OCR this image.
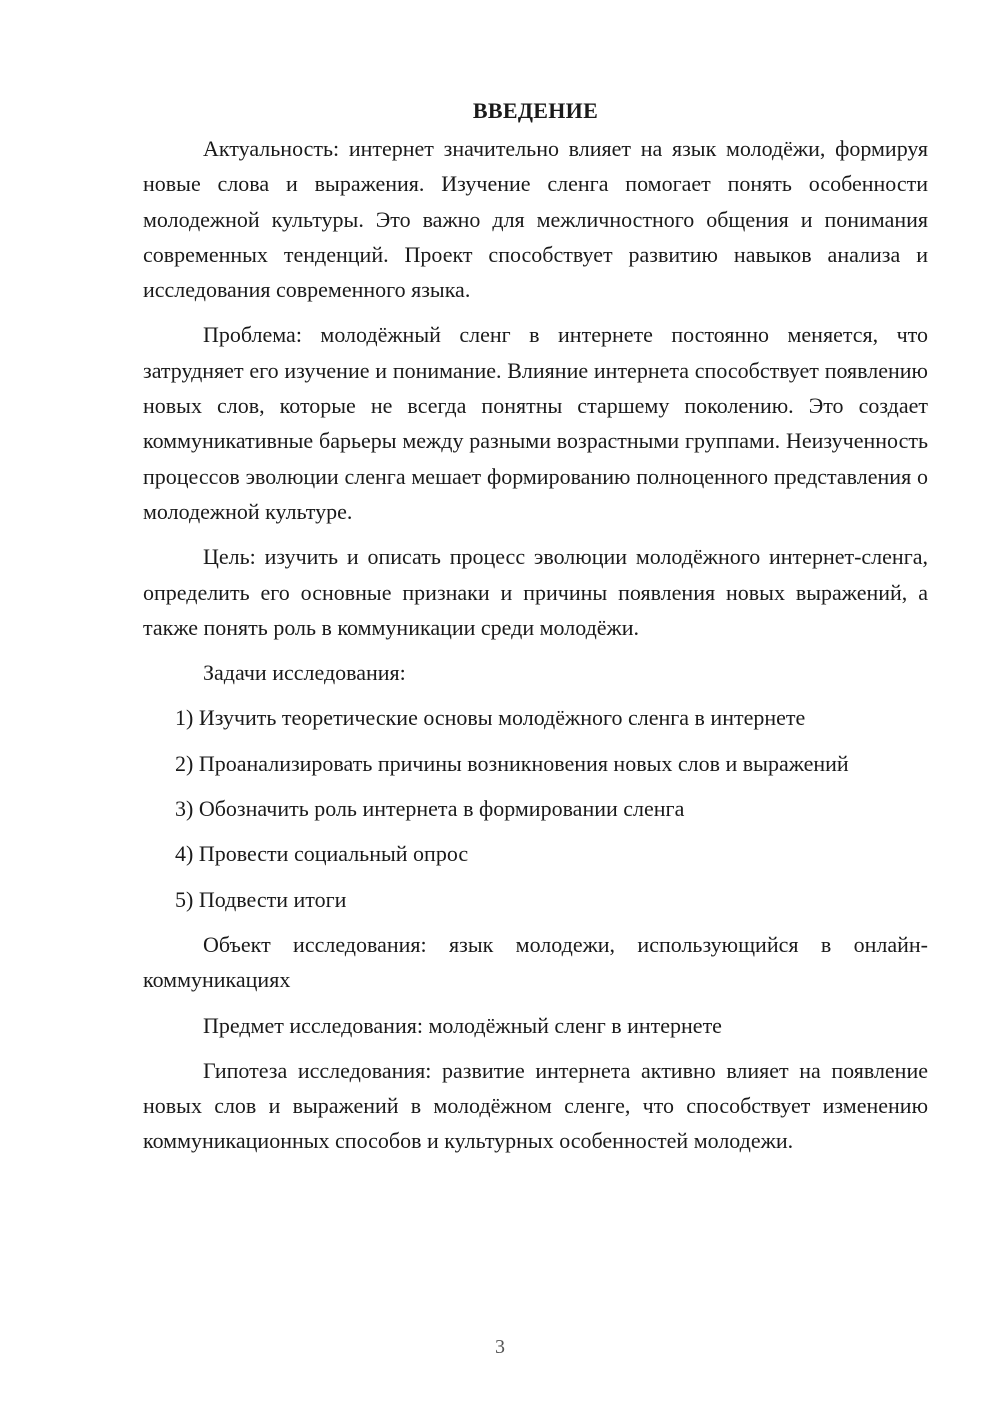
ВВЕДЕНИЕ

Актуальность: интернет значительно влияет на язык молодёжи, формируя новые слова и выражения. Изучение сленга помогает понять особенности молодежной культуры. Это важно для межличностного общения и понимания современных тенденций. Проект способствует развитию навыков анализа и исследования современного языка.

Проблема: молодёжный сленг в интернете постоянно меняется, что затрудняет его изучение и понимание. Влияние интернета способствует появлению новых слов, которые не всегда понятны старшему поколению. Это создает коммуникативные барьеры между разными возрастными группами. Неизученность процессов эволюции сленга мешает формированию полноценного представления о молодежной культуре.

Цель: изучить и описать процесс эволюции молодёжного интернет-сленга, определить его основные признаки и причины появления новых выражений, а также понять роль в коммуникации среди молодёжи.

Задачи исследования:

1) Изучить теоретические основы молодёжного сленга в интернете

2) Проанализировать причины возникновения новых слов и выражений

3) Обозначить роль интернета в формировании сленга

4) Провести социальный опрос

5) Подвести итоги

Объект исследования: язык молодежи, использующийся в онлайн-коммуникациях

Предмет исследования: молодёжный сленг в интернете

Гипотеза исследования: развитие интернета активно влияет на появление новых слов и выражений в молодёжном сленге, что способствует изменению коммуникационных способов и культурных особенностей молодежи.

3
